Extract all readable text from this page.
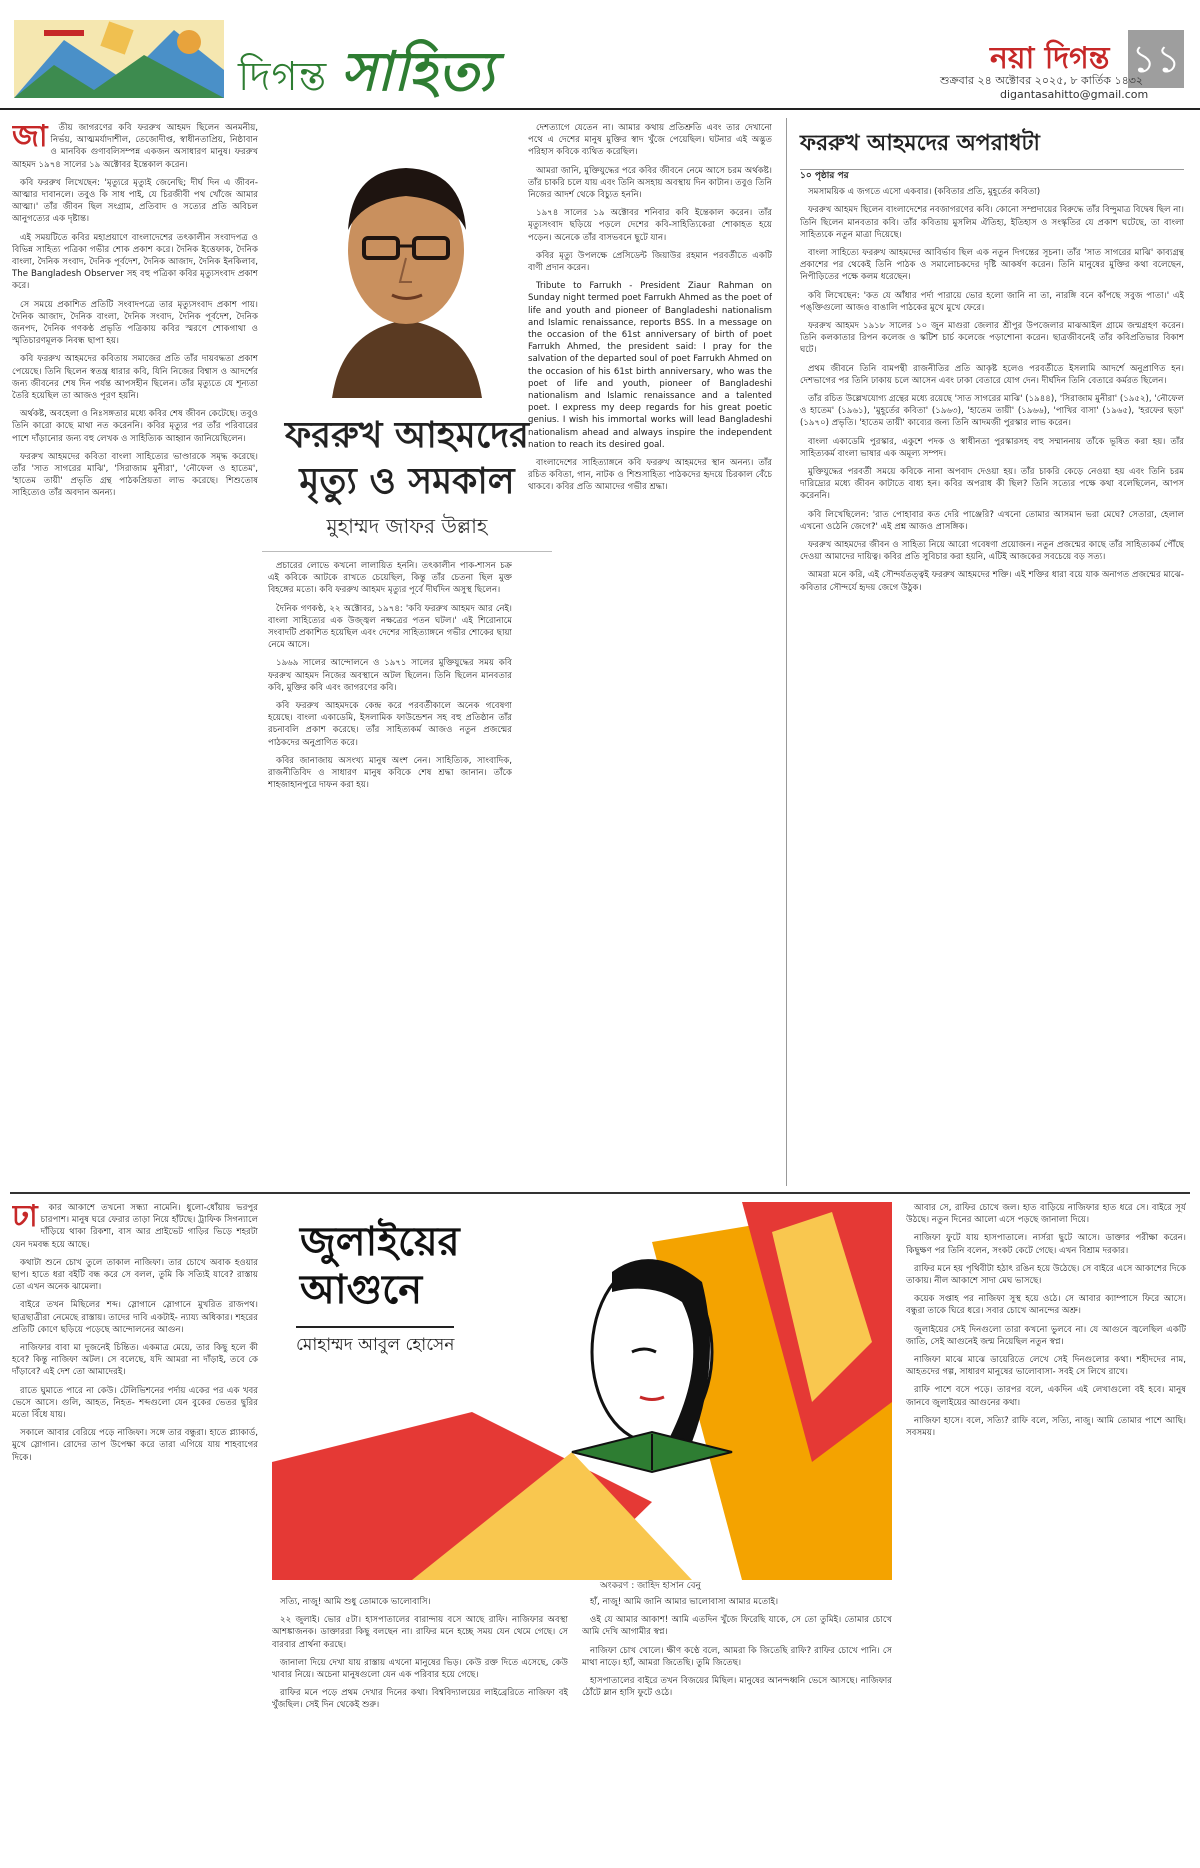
দিগন্ত সাহিত্য	নয়া দিগন্ত ১১
শুক্রবার ২৪ অক্টোবর ২০২৫, ৮ কার্তিক ১৪৩২
digantasahitto@gmail.com
জা	তীয় জাগরণের কবি ফররুখ আহমদ ছিলেন অনমনীয়, নির্ভয়, আত্মমর্যাদাশীল, তেজোদীপ্ত, স্বাধীনতাপ্রিয়, নিষ্ঠাবান ও মানবিক গুণাবলিসম্পন্ন একজন অসাধারণ মানুষ। ফররুখ আহমদ ১৯৭৪ সালের ১৯ অক্টোবর ইন্তেকাল করেন।

কবি ফররুখ লিখেছেন: 'মৃত্যুরে মৃত্যুই জেনেছি; দীর্ঘ দিন এ জীবন- আত্মার দাবানলে। তবুও কি সাধ পাই, যে চিরজীবী পথ খোঁজে আমার আত্মা।' তাঁর জীবন ছিল সংগ্রাম, প্রতিবাদ ও সত্যের প্রতি অবিচল আনুগত্যের এক দৃষ্টান্ত।

এই সময়টিতে কবির মহাপ্রয়াণে বাংলাদেশের তৎকালীন সংবাদপত্র ও বিভিন্ন সাহিত্য পত্রিকা গভীর শোক প্রকাশ করে। দৈনিক ইত্তেফাক, দৈনিক বাংলা, দৈনিক সংবাদ, দৈনিক পূর্বদেশ, দৈনিক আজাদ, দৈনিক ইনকিলাব, The Bangladesh Observer সহ বহু পত্রিকা কবির মৃত্যুসংবাদ প্রকাশ করে।

সে সময়ে প্রকাশিত প্রতিটি সংবাদপত্রে তার মৃত্যুসংবাদ প্রকাশ পায়। দৈনিক আজাদ, দৈনিক বাংলা, দৈনিক সংবাদ, দৈনিক পূর্বদেশ, দৈনিক জনপদ, দৈনিক গণকণ্ঠ প্রভৃতি পত্রিকায় কবির স্মরণে শোকগাথা ও স্মৃতিচারণমূলক নিবন্ধ ছাপা হয়।

কবি ফররুখ আহমদের কবিতায় সমাজের প্রতি তাঁর দায়বদ্ধতা প্রকাশ পেয়েছে। তিনি ছিলেন স্বতন্ত্র ধারার কবি, যিনি নিজের বিশ্বাস ও আদর্শের জন্য জীবনের শেষ দিন পর্যন্ত আপসহীন ছিলেন। তাঁর মৃত্যুতে যে শূন্যতা তৈরি হয়েছিল তা আজও পূরণ হয়নি।

অর্থকষ্ট, অবহেলা ও নিঃসঙ্গতার মধ্যে কবির শেষ জীবন কেটেছে। তবুও তিনি কারো কাছে মাথা নত করেননি। কবির মৃত্যুর পর তাঁর পরিবারের পাশে দাঁড়ানোর জন্য বহু লেখক ও সাহিত্যিক আহ্বান জানিয়েছিলেন।

ফররুখ আহমদের কবিতা বাংলা সাহিত্যের ভাণ্ডারকে সমৃদ্ধ করেছে। তাঁর 'সাত সাগরের মাঝি', 'সিরাজাম মুনীরা', 'নৌফেল ও হাতেম', 'হাতেম তায়ী' প্রভৃতি গ্রন্থ পাঠকপ্রিয়তা লাভ করেছে। শিশুতোষ সাহিত্যেও তাঁর অবদান অনন্য।

ফররুখ আহমদের মৃত্যু ও সমকাল
মুহাম্মদ জাফর উল্লাহ

প্রচারের লোভে কখনো লালায়িত হননি। তৎকালীন পাক-শাসন চক্র এই কবিকে আটকে রাখতে চেয়েছিল, কিন্তু তাঁর চেতনা ছিল মুক্ত বিহঙ্গের মতো। কবি ফররুখ আহমদ মৃত্যুর পূর্বে দীর্ঘদিন অসুস্থ ছিলেন।

দৈনিক গণকণ্ঠ, ২২ অক্টোবর, ১৯৭৪: 'কবি ফররুখ আহমদ আর নেই। বাংলা সাহিত্যের এক উজ্জ্বল নক্ষত্রের পতন ঘটল।' এই শিরোনামে সংবাদটি প্রকাশিত হয়েছিল এবং দেশের সাহিত্যাঙ্গনে গভীর শোকের ছায়া নেমে আসে।

১৯৬৯ সালের আন্দোলনে ও ১৯৭১ সালের মুক্তিযুদ্ধের সময় কবি ফররুখ আহমদ নিজের অবস্থানে অটল ছিলেন। তিনি ছিলেন মানবতার কবি, মুক্তির কবি এবং জাগরণের কবি।

কবি ফররুখ আহমদকে কেন্দ্র করে পরবর্তীকালে অনেক গবেষণা হয়েছে। বাংলা একাডেমি, ইসলামিক ফাউন্ডেশন সহ বহু প্রতিষ্ঠান তাঁর রচনাবলি প্রকাশ করেছে। তাঁর সাহিত্যকর্ম আজও নতুন প্রজন্মের পাঠকদের অনুপ্রাণিত করে।

কবির জানাজায় অসংখ্য মানুষ অংশ নেন। সাহিত্যিক, সাংবাদিক, রাজনীতিবিদ ও সাধারণ মানুষ কবিকে শেষ শ্রদ্ধা জানান। তাঁকে শাহজাহানপুরে দাফন করা হয়।

দেশত্যাগে যেতেন না। আমার কথায় প্রতিশ্রুতি এবং তার দেখানো পথে এ দেশের মানুষ মুক্তির স্বাদ খুঁজে পেয়েছিল। ঘটনার এই অদ্ভুত পরিহাস কবিকে ব্যথিত করেছিল।

আমরা জানি, মুক্তিযুদ্ধের পরে কবির জীবনে নেমে আসে চরম অর্থকষ্ট। তাঁর চাকরি চলে যায় এবং তিনি অসহায় অবস্থায় দিন কাটান। তবুও তিনি নিজের আদর্শ থেকে বিচ্যুত হননি।

১৯৭৪ সালের ১৯ অক্টোবর শনিবার কবি ইন্তেকাল করেন। তাঁর মৃত্যুসংবাদ ছড়িয়ে পড়লে দেশের কবি-সাহিত্যিকেরা শোকাহত হয়ে পড়েন। অনেকে তাঁর বাসভবনে ছুটে যান।

কবির মৃত্যু উপলক্ষে প্রেসিডেন্ট জিয়াউর রহমান পরবর্তীতে একটি বাণী প্রদান করেন।

Tribute to Farrukh - President Ziaur Rahman on Sunday night termed poet Farrukh Ahmed as the poet of life and youth and pioneer of Bangladeshi nationalism and Islamic renaissance, reports BSS. In a message on the occasion of the 61st anniversary of birth of poet Farrukh Ahmed, the president said: I pray for the salvation of the departed soul of poet Farrukh Ahmed on the occasion of his 61st birth anniversary, who was the poet of life and youth, pioneer of Bangladeshi nationalism and Islamic renaissance and a talented poet. I express my deep regards for his great poetic genius. I wish his immortal works will lead Bangladeshi nationalism ahead and always inspire the independent nation to reach its desired goal.

বাংলাদেশের সাহিত্যাঙ্গনে কবি ফররুখ আহমদের স্থান অনন্য। তাঁর রচিত কবিতা, গান, নাটক ও শিশুসাহিত্য পাঠকদের হৃদয়ে চিরকাল বেঁচে থাকবে। কবির প্রতি আমাদের গভীর শ্রদ্ধা।

ফররুখ আহমদের অপরাধটা
১০ পৃষ্ঠার পর

সমসাময়িক এ জগতে এসো একবার। (কবিতার প্রতি, মুহূর্তের কবিতা)

ফররুখ আহমদ ছিলেন বাংলাদেশের নবজাগরণের কবি। কোনো সম্প্রদায়ের বিরুদ্ধে তাঁর বিন্দুমাত্র বিদ্বেষ ছিল না। তিনি ছিলেন মানবতার কবি। তাঁর কবিতায় মুসলিম ঐতিহ্য, ইতিহাস ও সংস্কৃতির যে প্রকাশ ঘটেছে, তা বাংলা সাহিত্যকে নতুন মাত্রা দিয়েছে।

বাংলা সাহিত্যে ফররুখ আহমদের আবির্ভাব ছিল এক নতুন দিগন্তের সূচনা। তাঁর 'সাত সাগরের মাঝি' কাব্যগ্রন্থ প্রকাশের পর থেকেই তিনি পাঠক ও সমালোচকদের দৃষ্টি আকর্ষণ করেন। তিনি মানুষের মুক্তির কথা বলেছেন, নিপীড়িতের পক্ষে কলম ধরেছেন।

কবি লিখেছেন: 'কত যে আঁধার পর্দা পারায়ে ভোর হলো জানি না তা, নারঙ্গি বনে কাঁপছে সবুজ পাতা।' এই পঙ্‌ক্তিগুলো আজও বাঙালি পাঠকের মুখে মুখে ফেরে।

ফররুখ আহমদ ১৯১৮ সালের ১০ জুন মাগুরা জেলার শ্রীপুর উপজেলার মাঝআইল গ্রামে জন্মগ্রহণ করেন। তিনি কলকাতার রিপন কলেজ ও স্কটিশ চার্চ কলেজে পড়াশোনা করেন। ছাত্রজীবনেই তাঁর কবিপ্রতিভার বিকাশ ঘটে।

প্রথম জীবনে তিনি বামপন্থী রাজনীতির প্রতি আকৃষ্ট হলেও পরবর্তীতে ইসলামি আদর্শে অনুপ্রাণিত হন। দেশভাগের পর তিনি ঢাকায় চলে আসেন এবং ঢাকা বেতারে যোগ দেন। দীর্ঘদিন তিনি বেতারে কর্মরত ছিলেন।

তাঁর রচিত উল্লেখযোগ্য গ্রন্থের মধ্যে রয়েছে 'সাত সাগরের মাঝি' (১৯৪৪), 'সিরাজাম মুনীরা' (১৯৫২), 'নৌফেল ও হাতেম' (১৯৬১), 'মুহূর্তের কবিতা' (১৯৬৩), 'হাতেম তায়ী' (১৯৬৬), 'পাখির বাসা' (১৯৬৫), 'হরফের ছড়া' (১৯৭০) প্রভৃতি। 'হাতেম তায়ী' কাব্যের জন্য তিনি আদমজী পুরস্কার লাভ করেন।

বাংলা একাডেমি পুরস্কার, একুশে পদক ও স্বাধীনতা পুরস্কারসহ বহু সম্মাননায় তাঁকে ভূষিত করা হয়। তাঁর সাহিত্যকর্ম বাংলা ভাষার এক অমূল্য সম্পদ।

মুক্তিযুদ্ধের পরবর্তী সময়ে কবিকে নানা অপবাদ দেওয়া হয়। তাঁর চাকরি কেড়ে নেওয়া হয় এবং তিনি চরম দারিদ্র্যের মধ্যে জীবন কাটাতে বাধ্য হন। কবির অপরাধ কী ছিল? তিনি সত্যের পক্ষে কথা বলেছিলেন, আপস করেননি।

কবি লিখেছিলেন: 'রাত পোহাবার কত দেরি পাঞ্জেরি? এখনো তোমার আসমান ভরা মেঘে? সেতারা, হেলাল এখনো ওঠেনি জেগে?' এই প্রশ্ন আজও প্রাসঙ্গিক।

ফররুখ আহমদের জীবন ও সাহিত্য নিয়ে আরো গবেষণা প্রয়োজন। নতুন প্রজন্মের কাছে তাঁর সাহিত্যকর্ম পৌঁছে দেওয়া আমাদের দায়িত্ব। কবির প্রতি সুবিচার করা হয়নি, এটিই আজকের সবচেয়ে বড় সত্য।

আমরা মনে করি, এই সৌন্দর্যতত্ত্বই ফররুখ আহমদের শক্তি। এই শক্তির ধারা বয়ে যাক অনাগত প্রজন্মের মাঝে- কবিতার সৌন্দর্যে হৃদয় জেগে উঠুক।

ঢা	কার আকাশে তখনো সন্ধ্যা নামেনি। ধুলো-ধোঁয়ায় ভরপুর চারপাশ। মানুষ ঘরে ফেরার তাড়া নিয়ে হাঁটছে। ট্রাফিক সিগন্যালে দাঁড়িয়ে থাকা রিকশা, বাস আর প্রাইভেট গাড়ির ভিড়ে শহরটা যেন দমবন্ধ হয়ে আছে।

কথাটা শুনে চোখ তুলে তাকাল নাজিফা। তার চোখে অবাক হওয়ার ছাপ। হাতে ধরা বইটি বন্ধ করে সে বলল, তুমি কি সত্যিই যাবে? রাস্তায় তো এখন অনেক ঝামেলা।

বাইরে তখন মিছিলের শব্দ। স্লোগানে স্লোগানে মুখরিত রাজপথ। ছাত্রছাত্রীরা নেমেছে রাস্তায়। তাদের দাবি একটাই- ন্যায্য অধিকার। শহরের প্রতিটি কোণে ছড়িয়ে পড়েছে আন্দোলনের আগুন।

নাজিফার বাবা মা দুজনেই চিন্তিত। একমাত্র মেয়ে, তার কিছু হলে কী হবে? কিন্তু নাজিফা অটল। সে বলেছে, যদি আমরা না দাঁড়াই, তবে কে দাঁড়াবে? এই দেশ তো আমাদেরই।

রাতে ঘুমাতে পারে না কেউ। টেলিভিশনের পর্দায় একের পর এক খবর ভেসে আসে। গুলি, আহত, নিহত- শব্দগুলো যেন বুকের ভেতর ছুরির মতো বিঁধে যায়।

সকালে আবার বেরিয়ে পড়ে নাজিফা। সঙ্গে তার বন্ধুরা। হাতে প্ল্যাকার্ড, মুখে স্লোগান। রোদের তাপ উপেক্ষা করে তারা এগিয়ে যায় শাহবাগের দিকে।

জুলাইয়ের
আগুনে
মোহাম্মদ আবুল হোসেন
অংকরণ : জাহিদ হাসান বেনু

সত্যি, নাজু! আমি শুধু তোমাকে ভালোবাসি।

২২ জুলাই। ভোর ৫টা। হাসপাতালের বারান্দায় বসে আছে রাফি। নাজিফার অবস্থা আশঙ্কাজনক। ডাক্তাররা কিছু বলছেন না। রাফির মনে হচ্ছে সময় যেন থেমে গেছে। সে বারবার প্রার্থনা করছে।

জানালা দিয়ে দেখা যায় রাস্তায় এখনো মানুষের ভিড়। কেউ রক্ত দিতে এসেছে, কেউ খাবার নিয়ে। অচেনা মানুষগুলো যেন এক পরিবার হয়ে গেছে।

রাফির মনে পড়ে প্রথম দেখার দিনের কথা। বিশ্ববিদ্যালয়ের লাইব্রেরিতে নাজিফা বই খুঁজছিল। সেই দিন থেকেই শুরু।

হাঁ, নাজু! আমি জানি আমার ভালোবাসা আমার মতোই।

ওই যে আমার আকাশ! আমি এতদিন খুঁজে ফিরেছি যাকে, সে তো তুমিই। তোমার চোখে আমি দেখি আগামীর স্বপ্ন।

নাজিফা চোখ খোলে। ক্ষীণ কণ্ঠে বলে, আমরা কি জিতেছি রাফি? রাফির চোখে পানি। সে মাথা নাড়ে। হ্যাঁ, আমরা জিতেছি। তুমি জিতেছ।

হাসপাতালের বাইরে তখন বিজয়ের মিছিল। মানুষের আনন্দধ্বনি ভেসে আসছে। নাজিফার ঠোঁটে ম্লান হাসি ফুটে ওঠে।

আবার সে, রাফির চোখে জল। হাত বাড়িয়ে নাজিফার হাত ধরে সে। বাইরে সূর্য উঠছে। নতুন দিনের আলো এসে পড়ছে জানালা দিয়ে।

নাজিফা ফুটে যায় হাসপাতালে। নার্সরা ছুটে আসে। ডাক্তার পরীক্ষা করেন। কিছুক্ষণ পর তিনি বলেন, সংকট কেটে গেছে। এখন বিশ্রাম দরকার।

রাফির মনে হয় পৃথিবীটা হঠাৎ রঙিন হয়ে উঠেছে। সে বাইরে এসে আকাশের দিকে তাকায়। নীল আকাশে সাদা মেঘ ভাসছে।

কয়েক সপ্তাহ পর নাজিফা সুস্থ হয়ে ওঠে। সে আবার ক্যাম্পাসে ফিরে আসে। বন্ধুরা তাকে ঘিরে ধরে। সবার চোখে আনন্দের অশ্রু।

জুলাইয়ের সেই দিনগুলো তারা কখনো ভুলবে না। যে আগুনে জ্বলেছিল একটি জাতি, সেই আগুনেই জন্ম নিয়েছিল নতুন স্বপ্ন।

নাজিফা মাঝে মাঝে ডায়েরিতে লেখে সেই দিনগুলোর কথা। শহীদদের নাম, আহতদের গল্প, সাধারণ মানুষের ভালোবাসা- সবই সে লিখে রাখে।

রাফি পাশে বসে পড়ে। তারপর বলে, একদিন এই লেখাগুলো বই হবে। মানুষ জানবে জুলাইয়ের আগুনের কথা।

নাজিফা হাসে। বলে, সত্যি? রাফি বলে, সত্যি, নাজু। আমি তোমার পাশে আছি। সবসময়।
